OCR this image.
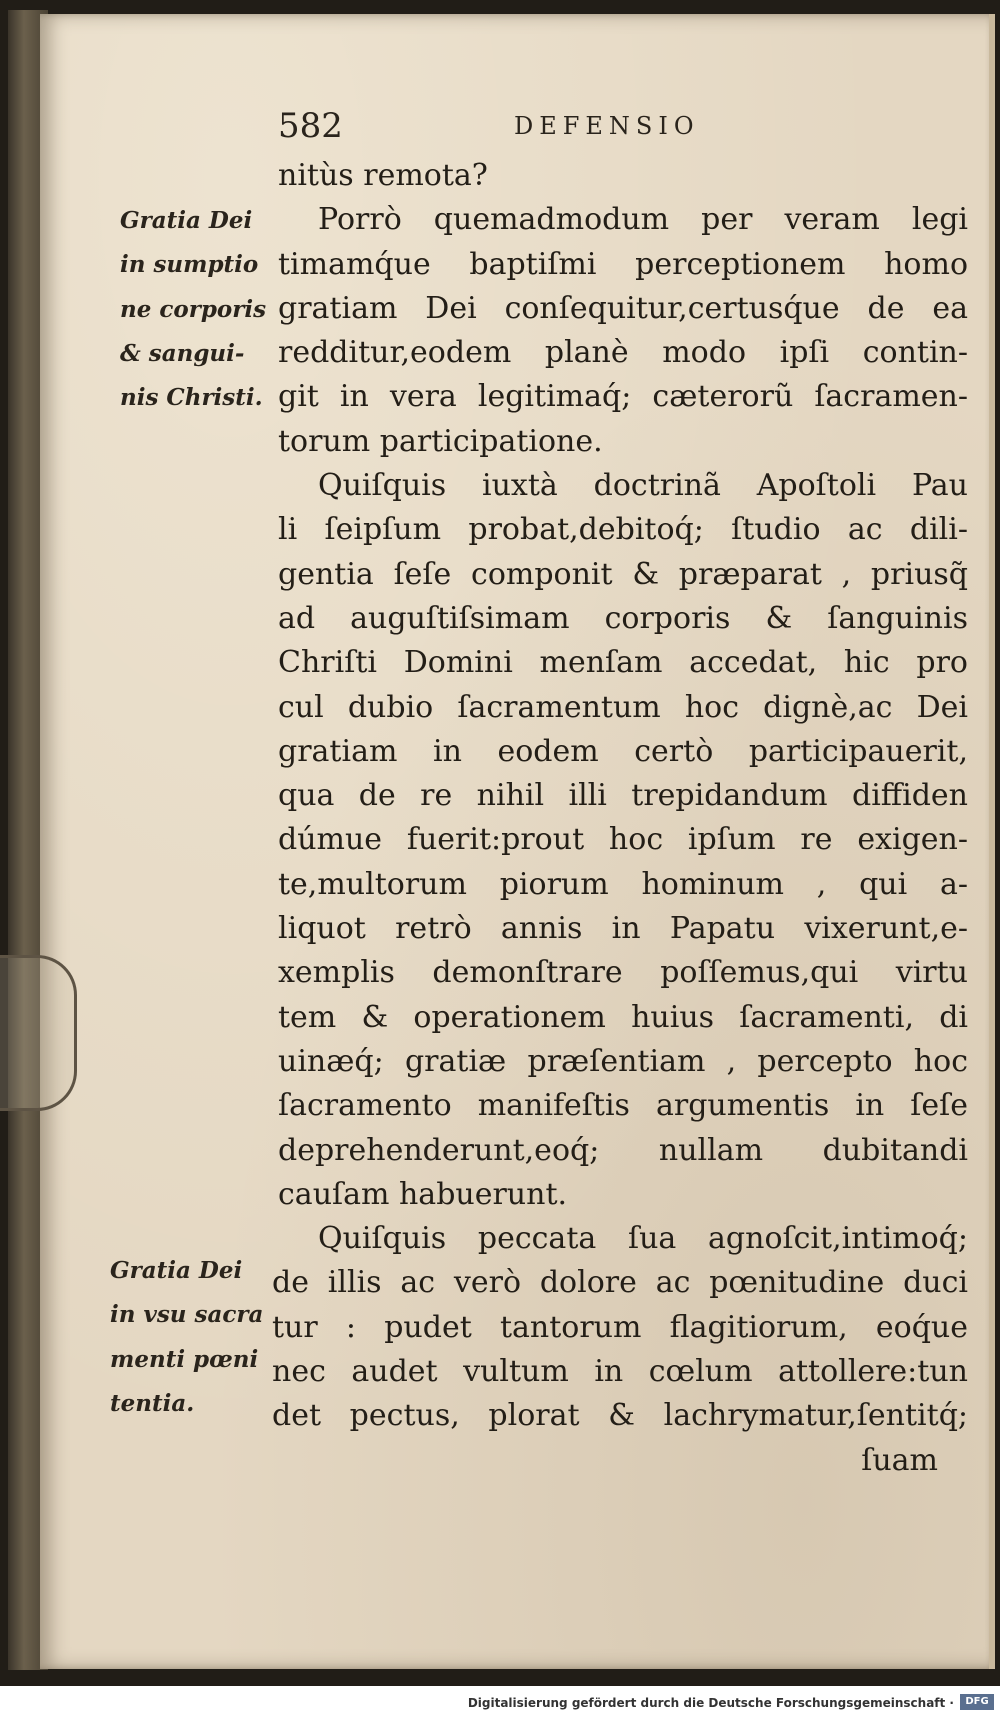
582	DEFENSIO
Gratia Dei
in sumptio
ne corporis
& sangui-
nis Christi.
Gratia Dei
in vsu sacra
menti pœni
tentia.
nitùs remota?
Porrò quemadmodum per veram legi
timamq́ue baptiſmi perceptionem homo
gratiam Dei conſequitur,certusq́ue de ea
redditur,eodem planè modo ipſi contin-
git in vera legitimaq́; cæterorũ ſacramen-
torum participatione.
Quiſquis iuxtà doctrinã Apoſtoli Pau
li ſeipſum probat,debitoq́; ſtudio ac dili-
gentia ſeſe componit & præparat , priusq̃
ad auguſtiſsimam corporis & ſanguinis
Chriſti Domini menſam accedat, hic pro
cul dubio ſacramentum hoc dignè,ac Dei
gratiam in eodem certò participauerit,
qua de re nihil illi trepidandum diffiden
dúmue fuerit:prout hoc ipſum re exigen-
te,multorum piorum hominum , qui a-
liquot retrò annis in Papatu vixerunt,e-
xemplis demonſtrare poſſemus,qui virtu
tem & operationem huius ſacramenti, di
uinæq́; gratiæ præſentiam , percepto hoc
ſacramento manifeſtis argumentis in ſeſe
deprehenderunt,eoq́; nullam dubitandi
cauſam habuerunt.
Quiſquis peccata ſua agnoſcit,intimoq́;
de illis ac verò dolore ac pœnitudine duci
tur : pudet tantorum flagitiorum, eoq́ue
nec audet vultum in cœlum attollere:tun
det pectus, plorat & lachrymatur,ſentitq́;
ſuam
Digitalisierung gefördert durch die Deutsche Forschungsgemeinschaft ·	DFG
